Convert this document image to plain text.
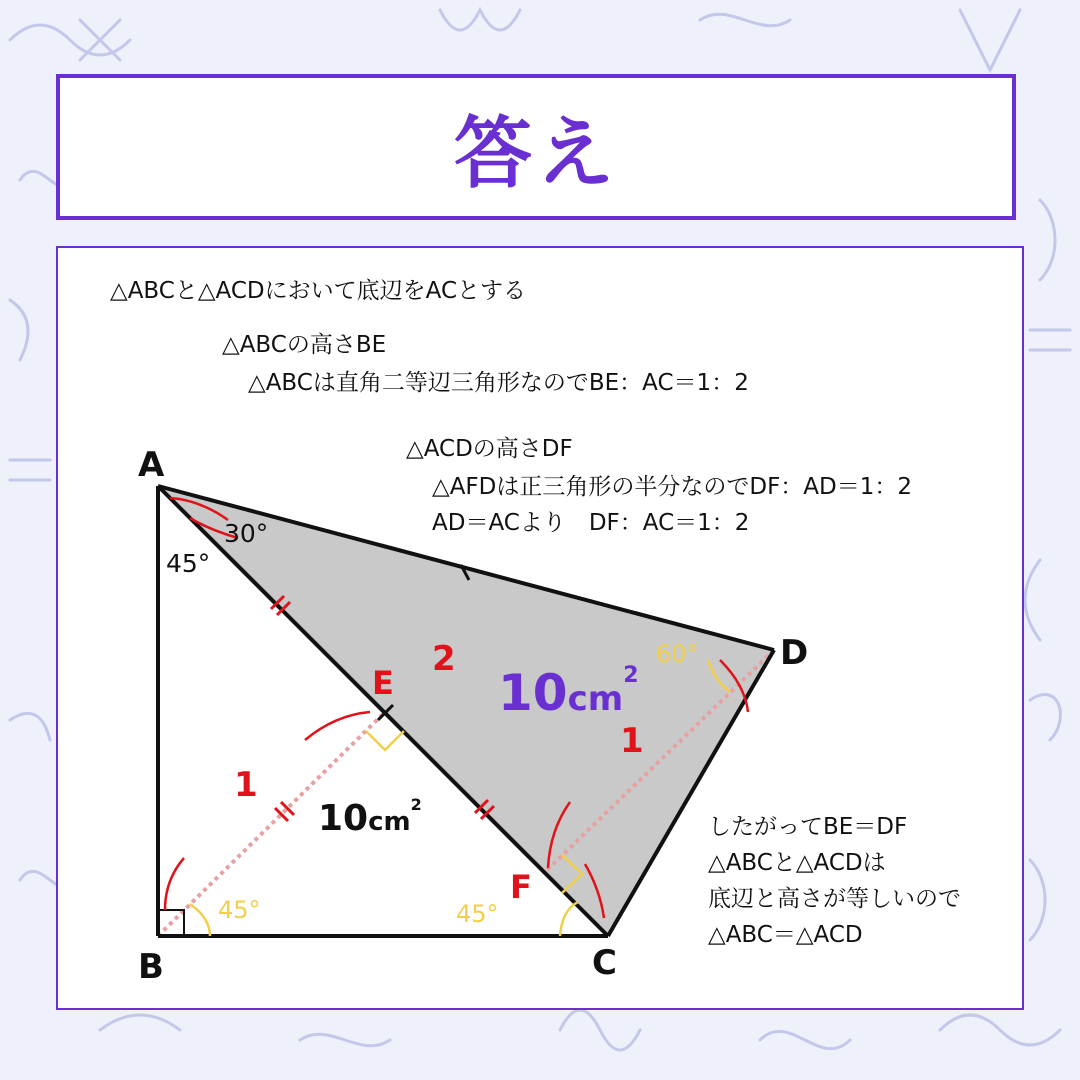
答え
△ABCと△ACDにおいて底辺をACとする
△ABCの高さBE
△ABCは直角二等辺三角形なのでBE：AC＝1：2
△ACDの高さDF
△AFDは正三角形の半分なのでDF：AD＝1：2
AD＝ACより　DF：AC＝1：2
したがってBE＝DF
△ABCと△ACDは
底辺と高さが等しいので
△ABC＝△ACD
A
B	C
D
E
F
30°
45°
60°
45°	45°
2
1
1
10cm2
10cm2
